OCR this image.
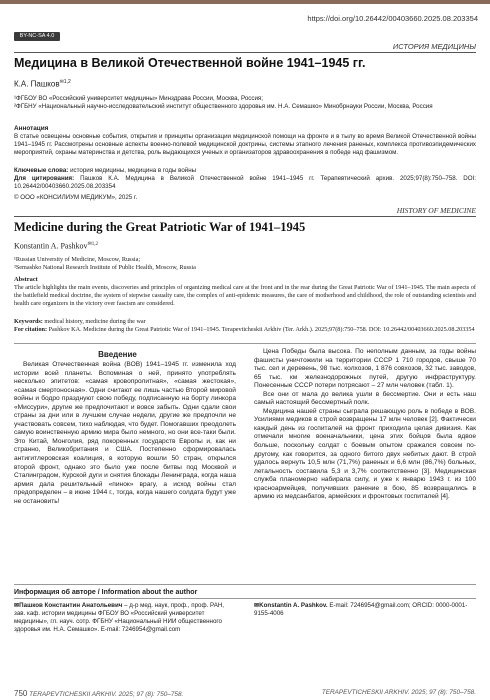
https://doi.org/10.26442/00403660.2025.08.203354
BY-NC-SA 4.0
ИСТОРИЯ МЕДИЦИНЫ
Медицина в Великой Отечественной войне 1941–1945 гг.
К.А. Пашков$^{✉1,2}$
¹ФГБОУ ВО «Российский университет медицины» Минздрава России, Москва, Россия;
²ФГБНУ «Национальный научно-исследовательский институт общественного здоровья им. Н.А. Семашко» Минобрнауки России, Москва, Россия
Аннотация
В статье освещены основные события, открытия и принципы организации медицинской помощи на фронте и в тылу во время Великой Отечественной войны 1941–1945 гг. Рассмотрены основные аспекты военно-полевой медицинской доктрины, системы этапного лечения раненых, комплекса противоэпидемических мероприятий, охраны материнства и детства, роль выдающихся ученых и организаторов здравоохранения в победе над фашизмом.
Ключевые слова: история медицины, медицина в годы войны
Для цитирования: Пашков К.А. Медицина в Великой Отечественной войне 1941–1945 гг. Терапевтический архив. 2025;97(8):750–758. DOI: 10.26442/00403660.2025.08.203354
© ООО «КОНСИЛИУМ МЕДИКУМ», 2025 г.
HISTORY OF MEDICINE
Medicine during the Great Patriotic War of 1941–1945
Konstantin A. Pashkov$^{✉1,2}$
¹Russian University of Medicine, Moscow, Russia;
²Semashko National Research Institute of Public Health, Moscow, Russia
Abstract
The article highlights the main events, discoveries and principles of organizing medical care at the front and in the rear during the Great Patriotic War of 1941–1945. The main aspects of the battlefield medical doctrine, the system of stepwise casualty care, the complex of anti-epidemic measures, the care of motherhood and childhood, the role of outstanding scientists and health care organizers in the victory over fascism are considered.
Keywords: medical history, medicine during the war
For citation: Pashkov KA. Medicine during the Great Patriotic War of 1941–1945. Terapevticheskii Arkhiv (Ter. Arkh.). 2025;97(8):750–758. DOI: 10.26442/00403660.2025.08.203354
Введение

Великая Отечественная война (ВОВ) 1941–1945 гг. изменила ход истории всей планеты. Вспоминая о ней, принято употреблять несколько эпитетов: «самая кровопролитная», «самая жестокая», «самая смертоносная». Одни считают ее лишь частью Второй мировой войны и бодро празднуют свою победу, подписанную на борту линкора «Миссури», другие же предпочитают и вовсе забыть. Одни сдали свои страны за дни или в лучшем случае недели, другие же предпочли не участвовать совсем, тихо наблюдая, что будет. Помогавших преодолеть самую воинственную армию мира было немного, но они все-таки были. Это Китай, Монголия, ряд покоренных государств Европы и, как ни странно, Великобритания и США. Постепенно сформировалась антигитлеровская коалиция, в которую вошли 50 стран, открылся второй фронт, однако это было уже после битвы под Москвой и Сталинградом, Курской дуги и снятия блокады Ленинграда, когда наша армия дала решительный «пинок» врагу, а исход войны стал предопределен – в июне 1944 г., тогда, когда нашего солдата будут уже не остановить!

Цена Победы была высока. По неполным данным, за годы войны фашисты уничтожили на территории СССР 1 710 городов, свыше 70 тыс. сел и деревень, 98 тыс. колхозов, 1 876 совхозов, 32 тыс. заводов, 65 тыс. км железнодорожных путей, другую инфраструктуру. Понесенные СССР потери потрясают – 27 млн человек (табл. 1).

Все они от мала до велика ушли в бессмертие. Они и есть наш самый настоящий бессмертный полк.

Медицина нашей страны сыграла решающую роль в победе в ВОВ. Усилиями медиков в строй возвращены 17 млн человек [2]. Фактически каждый день из госпиталей на фронт приходила целая дивизия. Как отмечали многие военачальники, цена этих бойцов была вдвое больше, поскольку солдат с боевым опытом сражался совсем по-другому, как говорится, за одного битого двух небитых дают. В строй удалось вернуть 10,5 млн (71,7%) раненых и 6,6 млн (86,7%) больных, летальность составила 5,3 и 3,7% соответственно [3]. Медицинская служба планомерно набирала силу, и уже к январю 1943 г. из 100 красноармейцев, получивших ранение в бою, 85 возвращались в армию из медсанбатов, армейских и фронтовых госпиталей [4].

Информация об авторе / Information about the author
✉Пашков Константин Анатольевич – д-р мед. наук, проф., проф. РАН, зав. каф. истории медицины ФГБОУ ВО «Российский университет медицины», гл. науч. сотр. ФГБНУ «Национальный НИИ общественного здоровья им. Н.А. Семашко». E-mail: 7246954@gmail.com
✉Konstantin A. Pashkov. E-mail: 7246954@gmail.com; ORCID: 0000-0001-9155-4006
750 TERAPEVTICHESKII ARKHIV. 2025; 97 (8): 750–758.	TERAPEVTICHESKII ARKHIV. 2025; 97 (8): 750–758.
